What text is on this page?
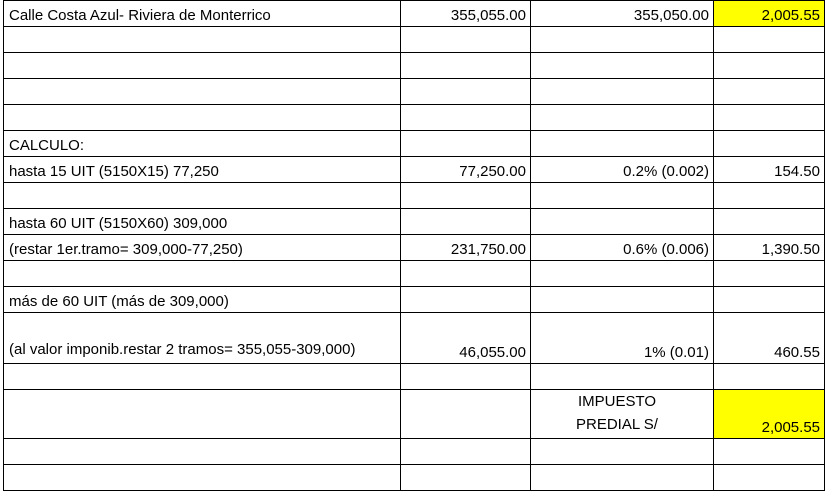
Calle Costa Azul- Riviera de Monterrico	355,055.00	355,050.00	2,005.55

CALCULO:			
hasta 15 UIT (5150X15) 77,250	77,250.00	0.2% (0.002)	154.50

hasta 60 UIT (5150X60) 309,000			
(restar 1er.tramo= 309,000-77,250)	231,750.00	0.6% (0.006)	1,390.50

más de 60 UIT (más de 309,000)			
(al valor imponib.restar 2 tramos= 355,055-309,000)	46,055.00	1% (0.01)	460.55

		IMPUESTO PREDIAL S/	2,005.55
